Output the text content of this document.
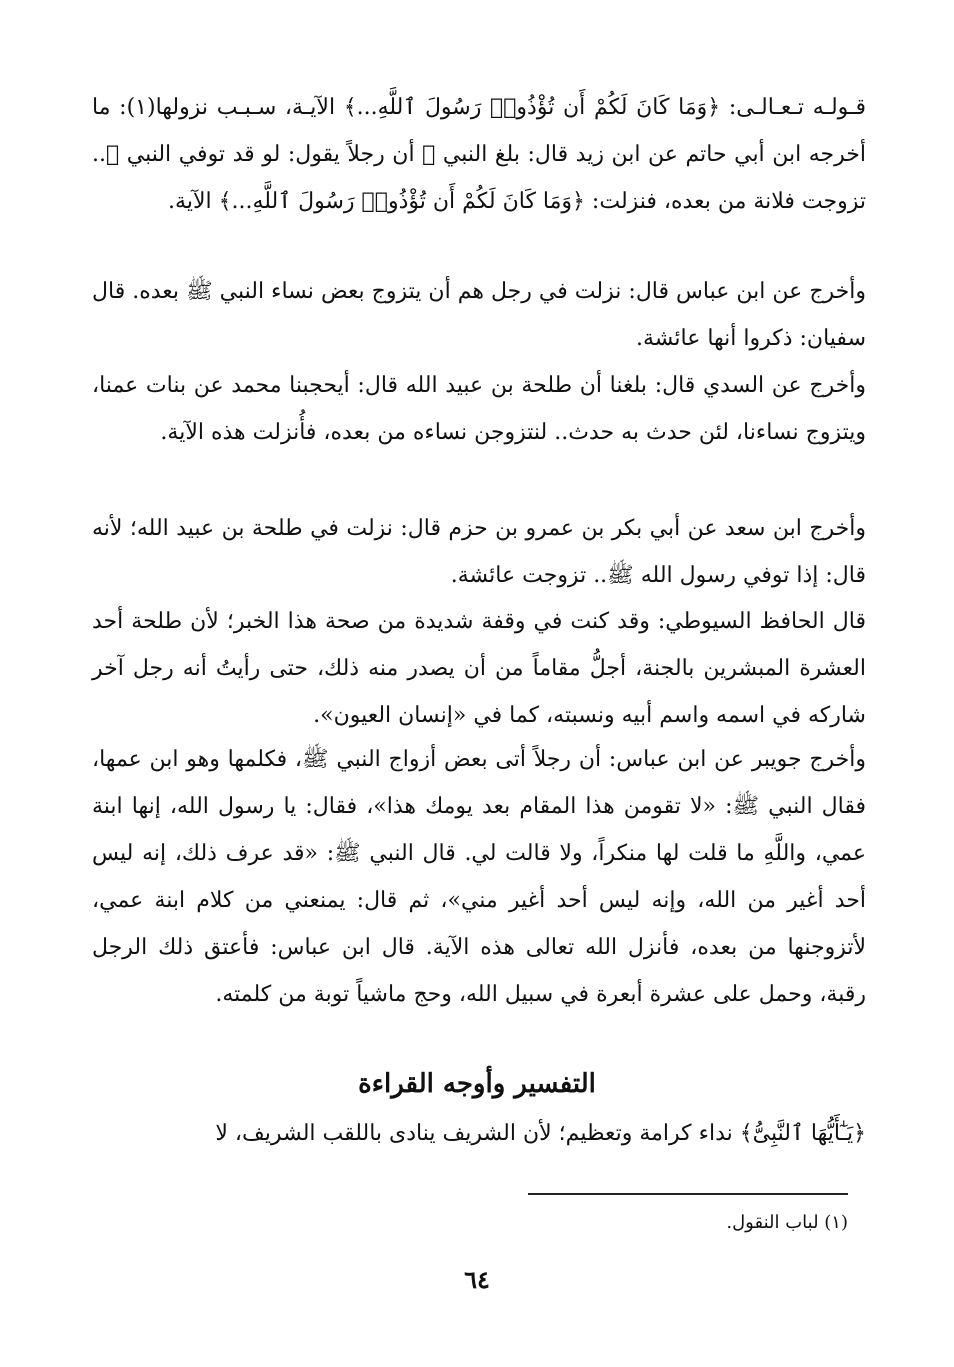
قـولـه تـعـالـى: ﴿وَمَا كَانَ لَكُمْ أَن تُؤْذُوا۟ رَسُولَ ٱللَّهِ...﴾ الآيـة، سـبـب نزولها(١): ما أخرجه ابن أبي حاتم عن ابن زيد قال: بلغ النبي ﷺ أن رجلاً يقول: لو قد توفي النبي ﷺ.. تزوجت فلانة من بعده، فنزلت: ﴿وَمَا كَانَ لَكُمْ أَن تُؤْذُوا۟ رَسُولَ ٱللَّهِ...﴾ الآية.

وأخرج عن ابن عباس قال: نزلت في رجل هم أن يتزوج بعض نساء النبي ﷺ بعده. قال سفيان: ذكروا أنها عائشة.

وأخرج عن السدي قال: بلغنا أن طلحة بن عبيد الله قال: أيحجبنا محمد عن بنات عمنا، ويتزوج نساءنا، لئن حدث به حدث.. لنتزوجن نساءه من بعده، فأُنزلت هذه الآية.

وأخرج ابن سعد عن أبي بكر بن عمرو بن حزم قال: نزلت في طلحة بن عبيد الله؛ لأنه قال: إذا توفي رسول الله ﷺ.. تزوجت عائشة.

قال الحافظ السيوطي: وقد كنت في وقفة شديدة من صحة هذا الخبر؛ لأن طلحة أحد العشرة المبشرين بالجنة، أجلُّ مقاماً من أن يصدر منه ذلك، حتى رأيتُ أنه رجل آخر شاركه في اسمه واسم أبيه ونسبته، كما في «إنسان العيون».

وأخرج جويبر عن ابن عباس: أن رجلاً أتى بعض أزواج النبي ﷺ، فكلمها وهو ابن عمها، فقال النبي ﷺ: «لا تقومن هذا المقام بعد يومك هذا»، فقال: يا رسول الله، إنها ابنة عمي، واللَّهِ ما قلت لها منكراً، ولا قالت لي. قال النبي ﷺ: «قد عرف ذلك، إنه ليس أحد أغير من الله، وإنه ليس أحد أغير مني»، ثم قال: يمنعني من كلام ابنة عمي، لأتزوجنها من بعده، فأنزل الله تعالى هذه الآية. قال ابن عباس: فأعتق ذلك الرجل رقبة، وحمل على عشرة أبعرة في سبيل الله، وحج ماشياً توبة من كلمته.

التفسير وأوجه القراءة

﴿يَـٰٓأَيُّهَا ٱلنَّبِىُّ﴾ نداء كرامة وتعظيم؛ لأن الشريف ينادى باللقب الشريف، لا

(١) لباب النقول.

٦٤
